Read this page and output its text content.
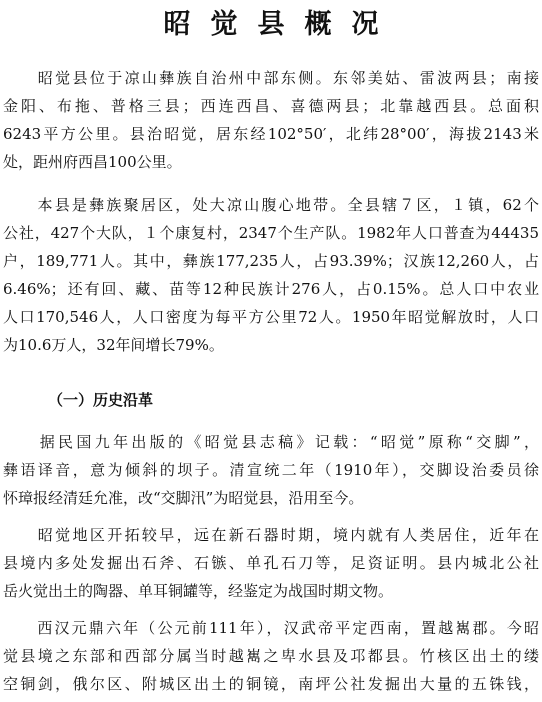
昭觉县概况
　　昭觉县位于凉山彝族自治州中部东侧。东邻美姑、雷波两县；南接
金阳、布拖、普格三县；西连西昌、喜德两县；北靠越西县。总面积
6243平方公里。县治昭觉，居东经102°50′，北纬28°00′，海拔2143米
处，距州府西昌100公里。
　　本县是彝族聚居区，处大凉山腹心地带。全县辖７区，１镇，62个
公社，427个大队，１个康复村，2347个生产队。1982年人口普查为44435
户，189,771人。其中，彝族177,235人，占93.39%；汉族12,260人，占
6.46%；还有回、藏、苗等12种民族计276人，占0.15%。总人口中农业
人口170,546人，人口密度为每平方公里72人。1950年昭觉解放时，人口
为10.6万人，32年间增长79%。
（一）历史沿革
　　据民国九年出版的《昭觉县志稿》记载：“昭觉”原称“交脚”，
彝语译音，意为倾斜的坝子。清宣统二年（1910年），交脚设治委员徐
怀璋报经清廷允准，改“交脚汛”为昭觉县，沿用至今。
　　昭觉地区开拓较早，远在新石器时期，境内就有人类居住，近年在
县境内多处发掘出石斧、石镞、单孔石刀等，足资证明。县内城北公社
岳火觉出土的陶器、单耳铜罐等，经鉴定为战国时期文物。
　　西汉元鼎六年（公元前111年），汉武帝平定西南，置越嶲郡。今昭
觉县境之东部和西部分属当时越嶲之卑水县及邛都县。竹核区出土的缕
空铜剑，俄尔区、附城区出土的铜镜，南坪公社发掘出大量的五铢钱，
